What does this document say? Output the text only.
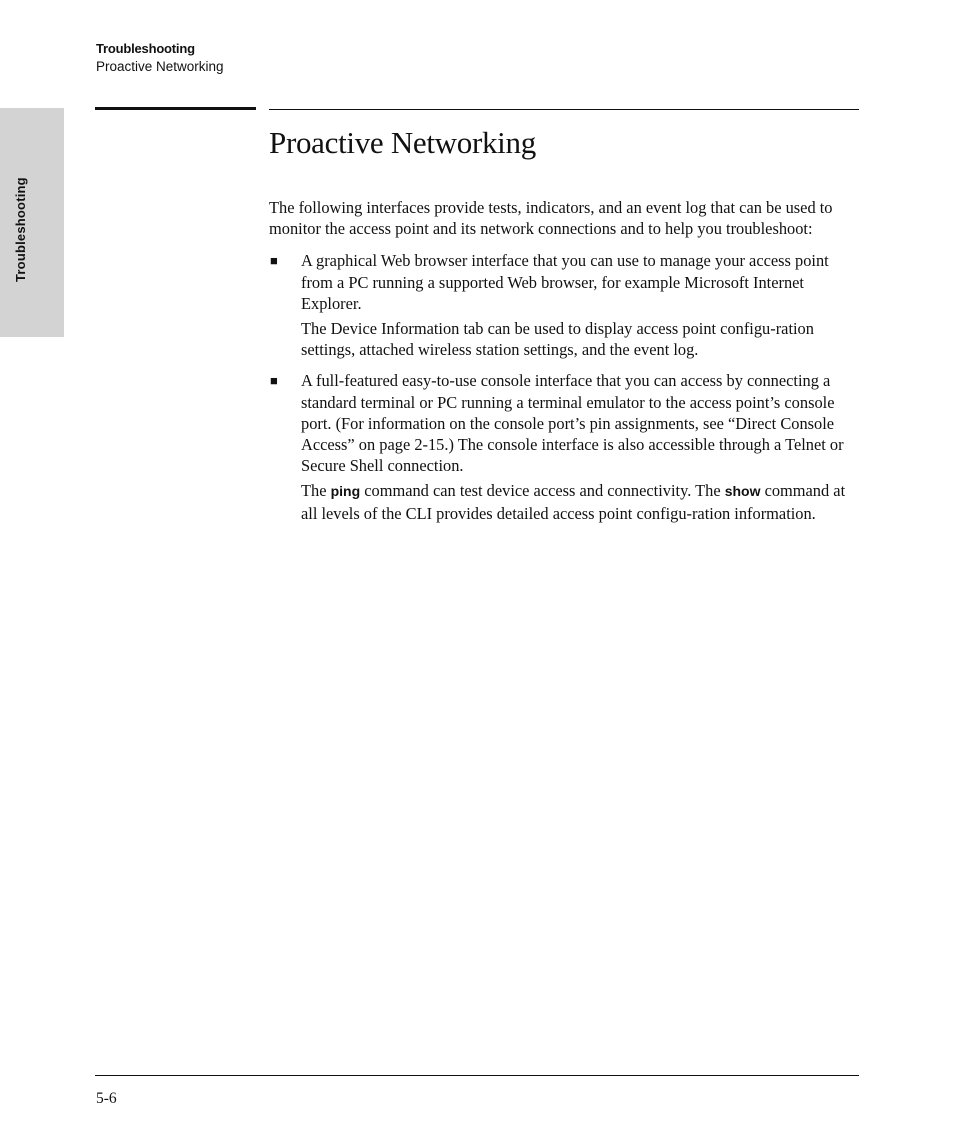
Troubleshooting
Proactive Networking
Troubleshooting
Proactive Networking

The following interfaces provide tests, indicators, and an event log that can be used to monitor the access point and its network connections and to help you troubleshoot:

■ A graphical Web browser interface that you can use to manage your access point from a PC running a supported Web browser, for example Microsoft Internet Explorer.

The Device Information tab can be used to display access point configu-ration settings, attached wireless station settings, and the event log.

■ A full-featured easy-to-use console interface that you can access by connecting a standard terminal or PC running a terminal emulator to the access point’s console port. (For information on the console port’s pin assignments, see “Direct Console Access” on page 2-15.) The console interface is also accessible through a Telnet or Secure Shell connection.

The ping command can test device access and connectivity. The show command at all levels of the CLI provides detailed access point configu-ration information.

5-6
